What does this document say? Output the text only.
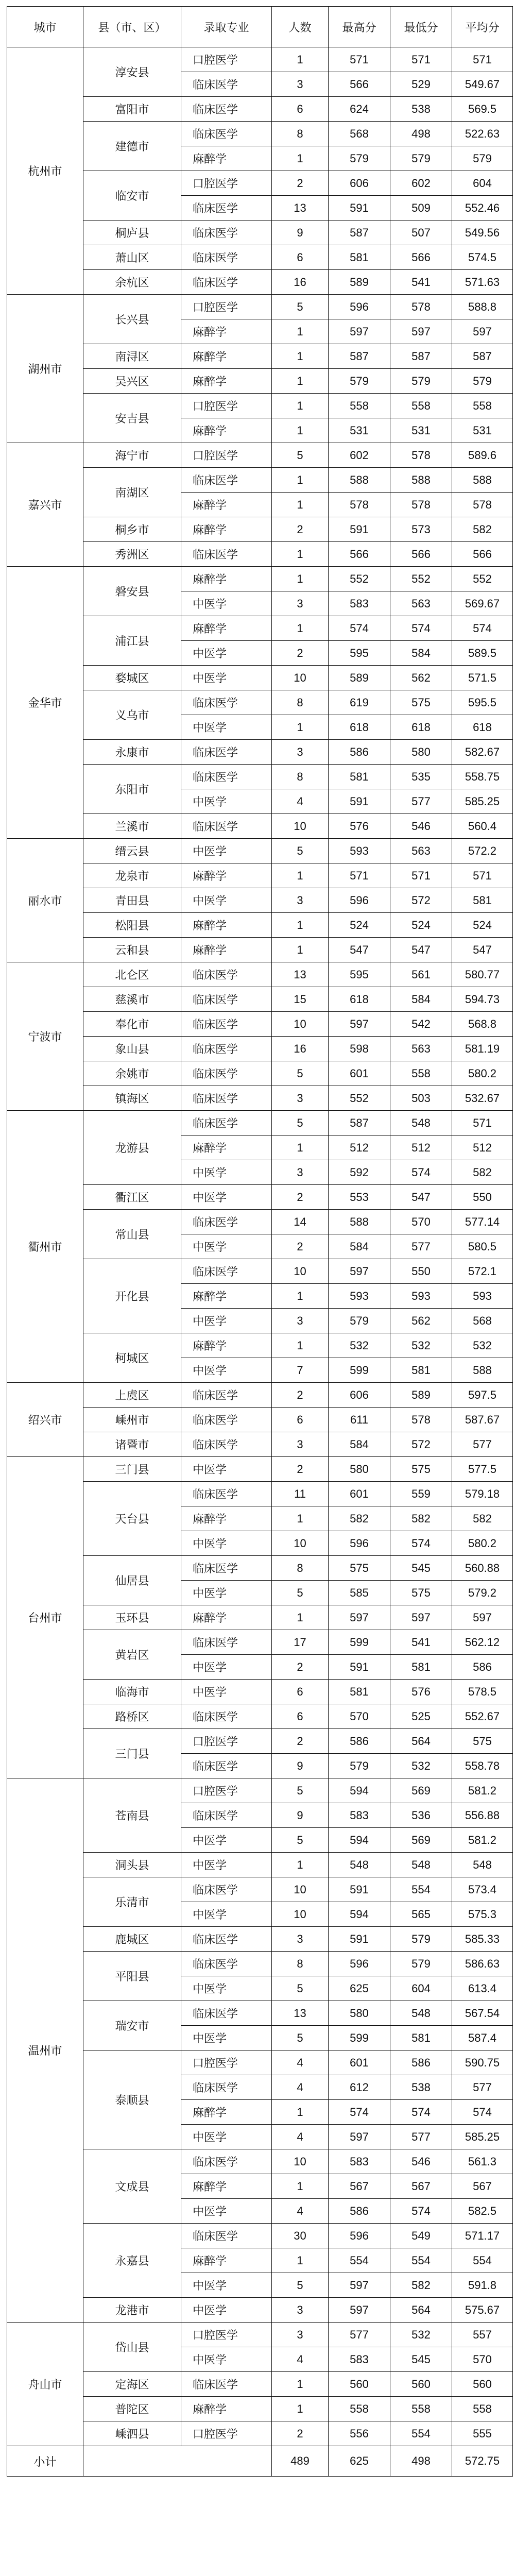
城市	县（市、区）	录取专业	人数	最高分	最低分	平均分
杭州市	淳安县	口腔医学	1	571	571	571
		临床医学	3	566	529	549.67
	富阳市	临床医学	6	624	538	569.5
	建德市	临床医学	8	568	498	522.63
		麻醉学	1	579	579	579
	临安市	口腔医学	2	606	602	604
		临床医学	13	591	509	552.46
	桐庐县	临床医学	9	587	507	549.56
	萧山区	临床医学	6	581	566	574.5
	余杭区	临床医学	16	589	541	571.63
湖州市	长兴县	口腔医学	5	596	578	588.8
		麻醉学	1	597	597	597
	南浔区	麻醉学	1	587	587	587
	吴兴区	麻醉学	1	579	579	579
	安吉县	口腔医学	1	558	558	558
		麻醉学	1	531	531	531
嘉兴市	海宁市	口腔医学	5	602	578	589.6
	南湖区	临床医学	1	588	588	588
		麻醉学	1	578	578	578
	桐乡市	麻醉学	2	591	573	582
	秀洲区	临床医学	1	566	566	566
金华市	磐安县	麻醉学	1	552	552	552
		中医学	3	583	563	569.67
	浦江县	麻醉学	1	574	574	574
		中医学	2	595	584	589.5
	婺城区	中医学	10	589	562	571.5
	义乌市	临床医学	8	619	575	595.5
		中医学	1	618	618	618
	永康市	临床医学	3	586	580	582.67
	东阳市	临床医学	8	581	535	558.75
		中医学	4	591	577	585.25
	兰溪市	临床医学	10	576	546	560.4
丽水市	缙云县	中医学	5	593	563	572.2
	龙泉市	麻醉学	1	571	571	571
	青田县	中医学	3	596	572	581
	松阳县	麻醉学	1	524	524	524
	云和县	麻醉学	1	547	547	547
宁波市	北仑区	临床医学	13	595	561	580.77
	慈溪市	临床医学	15	618	584	594.73
	奉化市	临床医学	10	597	542	568.8
	象山县	临床医学	16	598	563	581.19
	余姚市	临床医学	5	601	558	580.2
	镇海区	临床医学	3	552	503	532.67
衢州市	龙游县	临床医学	5	587	548	571
		麻醉学	1	512	512	512
		中医学	3	592	574	582
	衢江区	中医学	2	553	547	550
	常山县	临床医学	14	588	570	577.14
		中医学	2	584	577	580.5
	开化县	临床医学	10	597	550	572.1
		麻醉学	1	593	593	593
		中医学	3	579	562	568
	柯城区	麻醉学	1	532	532	532
		中医学	7	599	581	588
绍兴市	上虞区	临床医学	2	606	589	597.5
	嵊州市	临床医学	6	611	578	587.67
	诸暨市	临床医学	3	584	572	577
台州市	三门县	中医学	2	580	575	577.5
	天台县	临床医学	11	601	559	579.18
		麻醉学	1	582	582	582
		中医学	10	596	574	580.2
	仙居县	临床医学	8	575	545	560.88
		中医学	5	585	575	579.2
	玉环县	麻醉学	1	597	597	597
	黄岩区	临床医学	17	599	541	562.12
		中医学	2	591	581	586
	临海市	中医学	6	581	576	578.5
	路桥区	临床医学	6	570	525	552.67
	三门县	口腔医学	2	586	564	575
		临床医学	9	579	532	558.78
温州市	苍南县	口腔医学	5	594	569	581.2
		临床医学	9	583	536	556.88
		中医学	5	594	569	581.2
	洞头县	中医学	1	548	548	548
	乐清市	临床医学	10	591	554	573.4
		中医学	10	594	565	575.3
	鹿城区	临床医学	3	591	579	585.33
	平阳县	临床医学	8	596	579	586.63
		中医学	5	625	604	613.4
	瑞安市	临床医学	13	580	548	567.54
		中医学	5	599	581	587.4
	泰顺县	口腔医学	4	601	586	590.75
		临床医学	4	612	538	577
		麻醉学	1	574	574	574
		中医学	4	597	577	585.25
	文成县	临床医学	10	583	546	561.3
		麻醉学	1	567	567	567
		中医学	4	586	574	582.5
	永嘉县	临床医学	30	596	549	571.17
		麻醉学	1	554	554	554
		中医学	5	597	582	591.8
	龙港市	中医学	3	597	564	575.67
舟山市	岱山县	口腔医学	3	577	532	557
		中医学	4	583	545	570
	定海区	临床医学	1	560	560	560
	普陀区	麻醉学	1	558	558	558
	嵊泗县	口腔医学	2	556	554	555
小计			489	625	498	572.75
